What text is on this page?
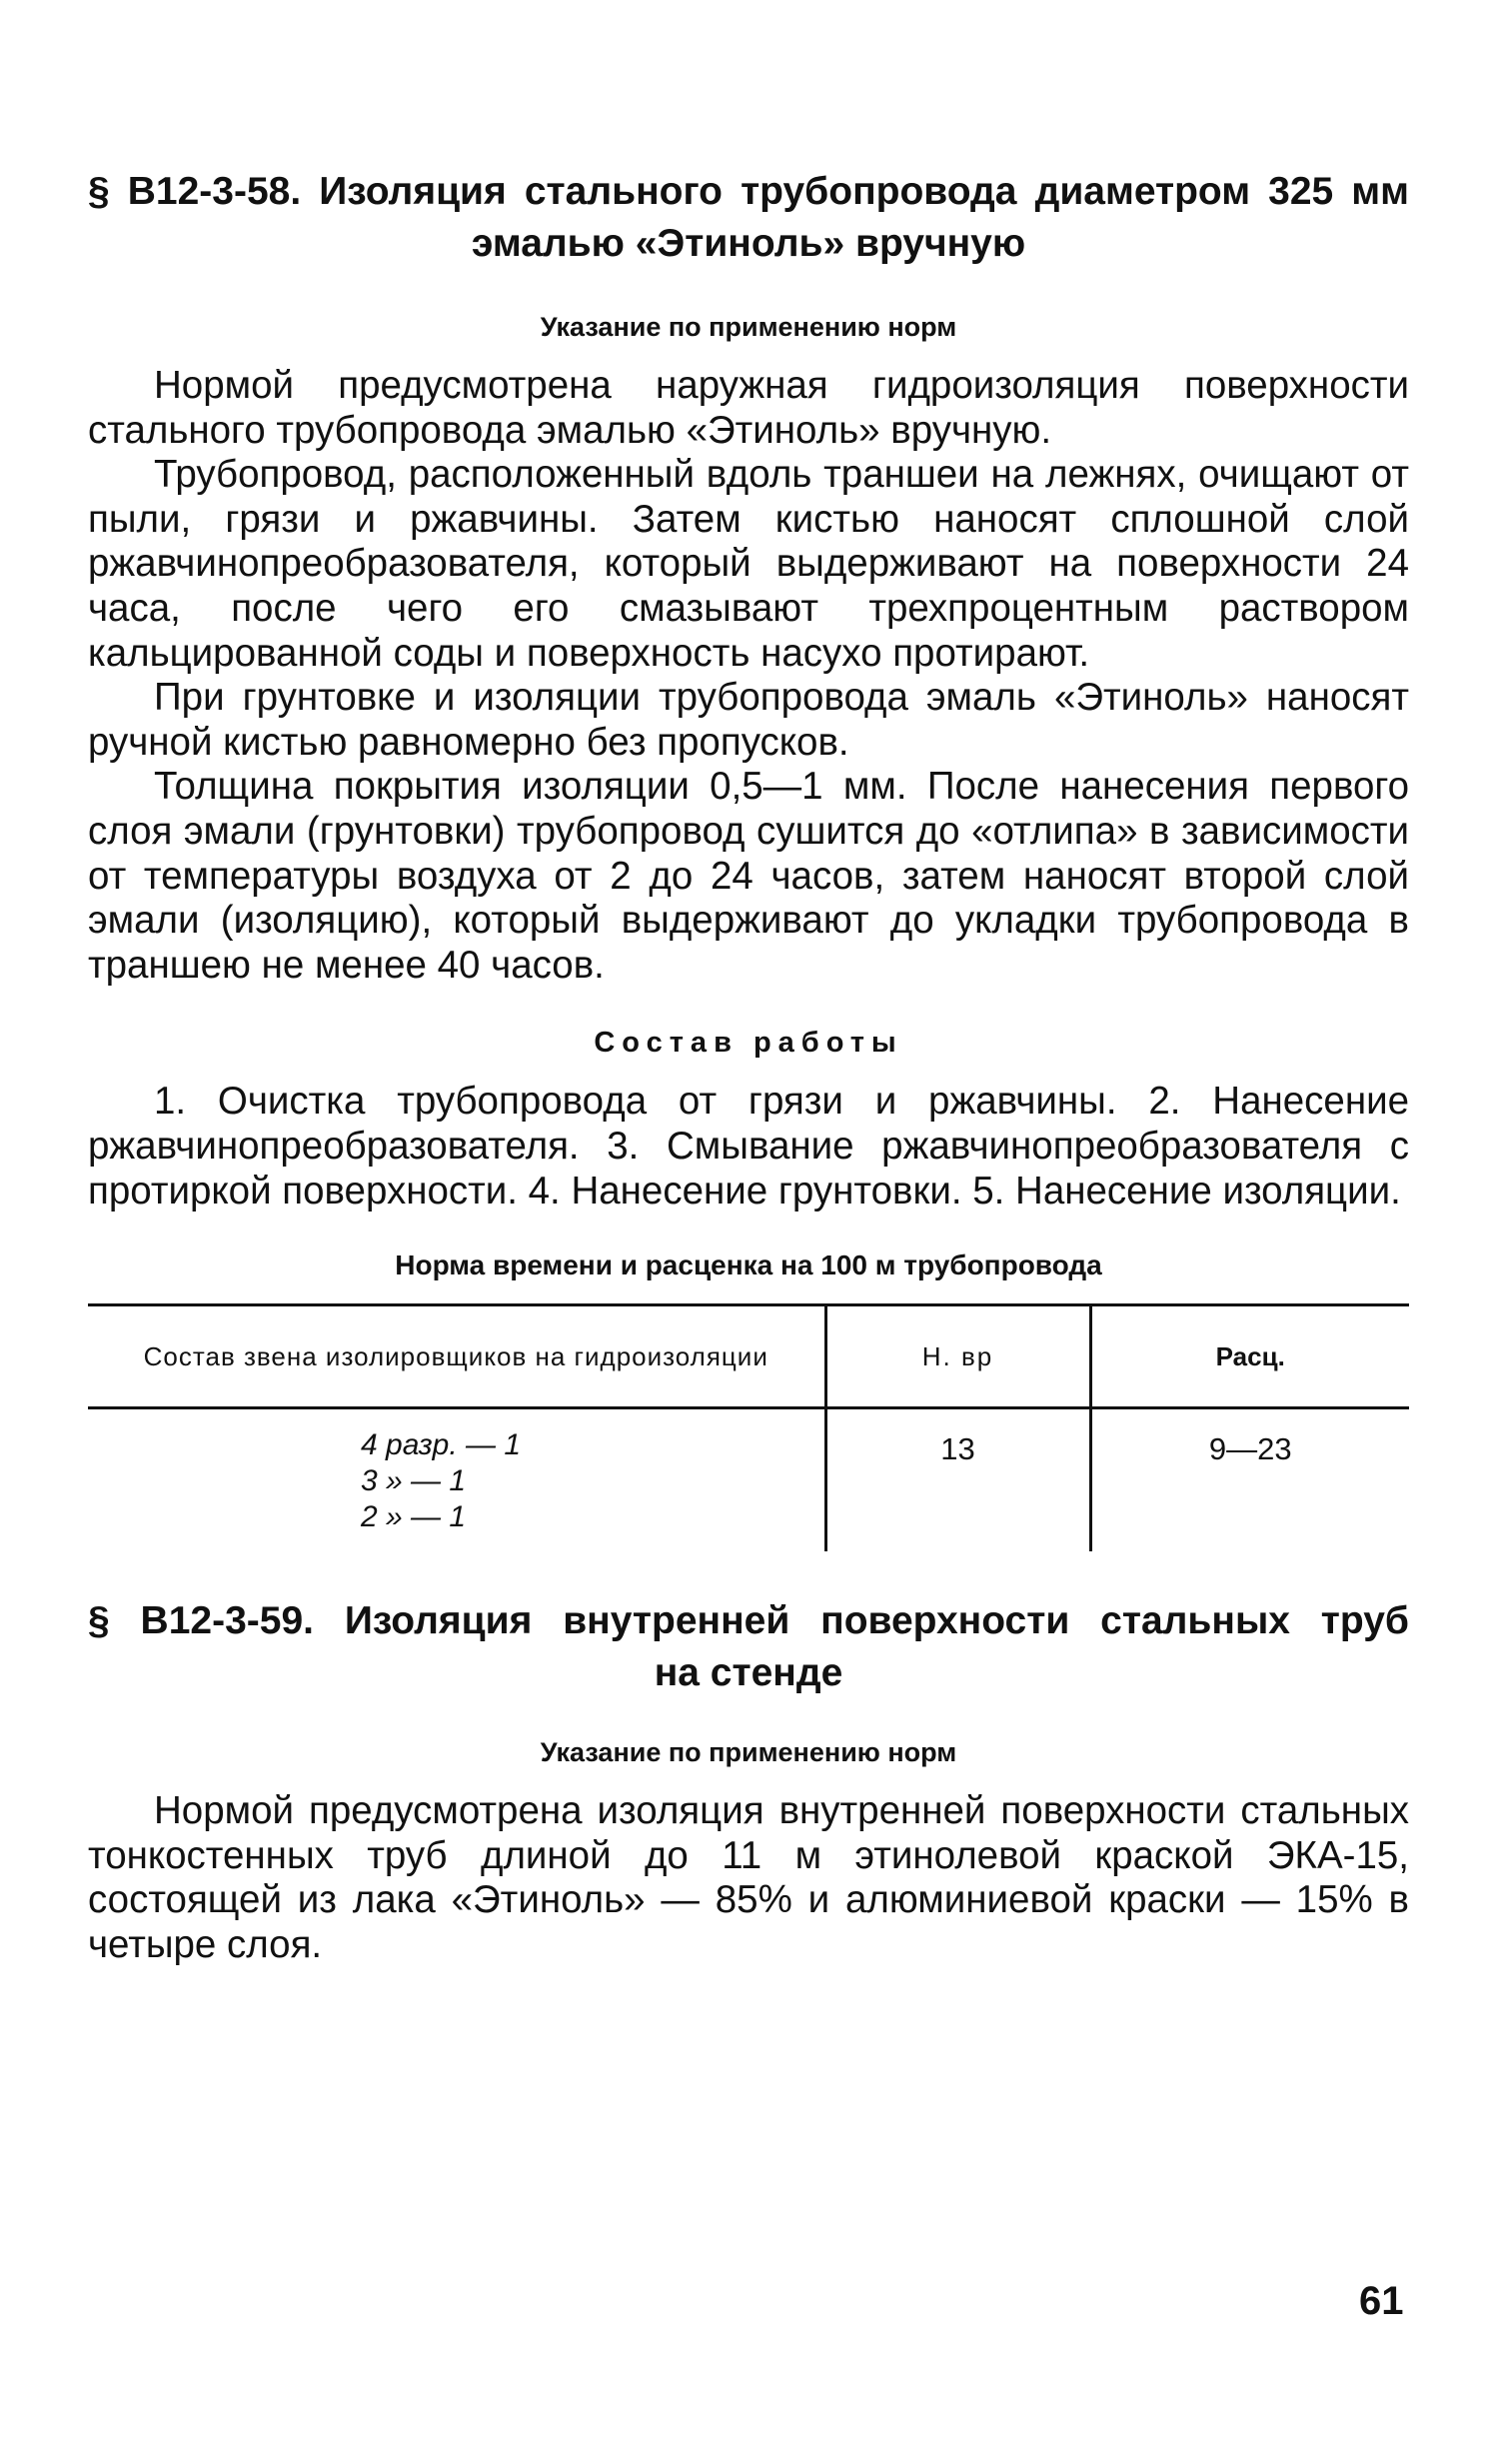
§ В12-3-58. Изоляция стального трубопровода диаметром 325 мм
эмалью «Этиноль» вручную
Указание по применению норм

Нормой предусмотрена наружная гидроизоляция поверхности стального трубопровода эмалью «Этиноль» вручную.

Трубопровод, расположенный вдоль траншеи на лежнях, очищают от пыли, грязи и ржавчины. Затем кистью наносят сплошной слой ржавчинопреобразователя, который выдерживают на поверхности 24 часа, после чего его смазывают трехпроцентным раствором кальцированной соды и поверхность насухо протирают.

При грунтовке и изоляции трубопровода эмаль «Этиноль» наносят ручной кистью равномерно без пропусков.

Толщина покрытия изоляции 0,5—1 мм. После нанесения первого слоя эмали (грунтовки) трубопровод сушится до «отлипа» в зависимости от температуры воздуха от 2 до 24 часов, затем наносят второй слой эмали (изоляцию), который выдерживают до укладки трубопровода в траншею не менее 40 часов.

Состав работы

1. Очистка трубопровода от грязи и ржавчины. 2. Нанесение ржавчинопреобразователя. 3. Смывание ржавчинопреобразователя с протиркой поверхности. 4. Нанесение грунтовки. 5. Нанесение изоляции.

Норма времени и расценка на 100 м трубопровода
Состав звена изолировщиков на гидроизоляции	Н. вр	Расц.

4 разр. — 1
3 » — 1
2 » — 1	13	9—23
§ В12-3-59. Изоляция внутренней поверхности стальных труб
на стенде
Указание по применению норм

Нормой предусмотрена изоляция внутренней поверхности стальных тонкостенных труб длиной до 11 м этинолевой краской ЭКА-15, состоящей из лака «Этиноль» — 85% и алюминиевой краски — 15% в четыре слоя.

61
